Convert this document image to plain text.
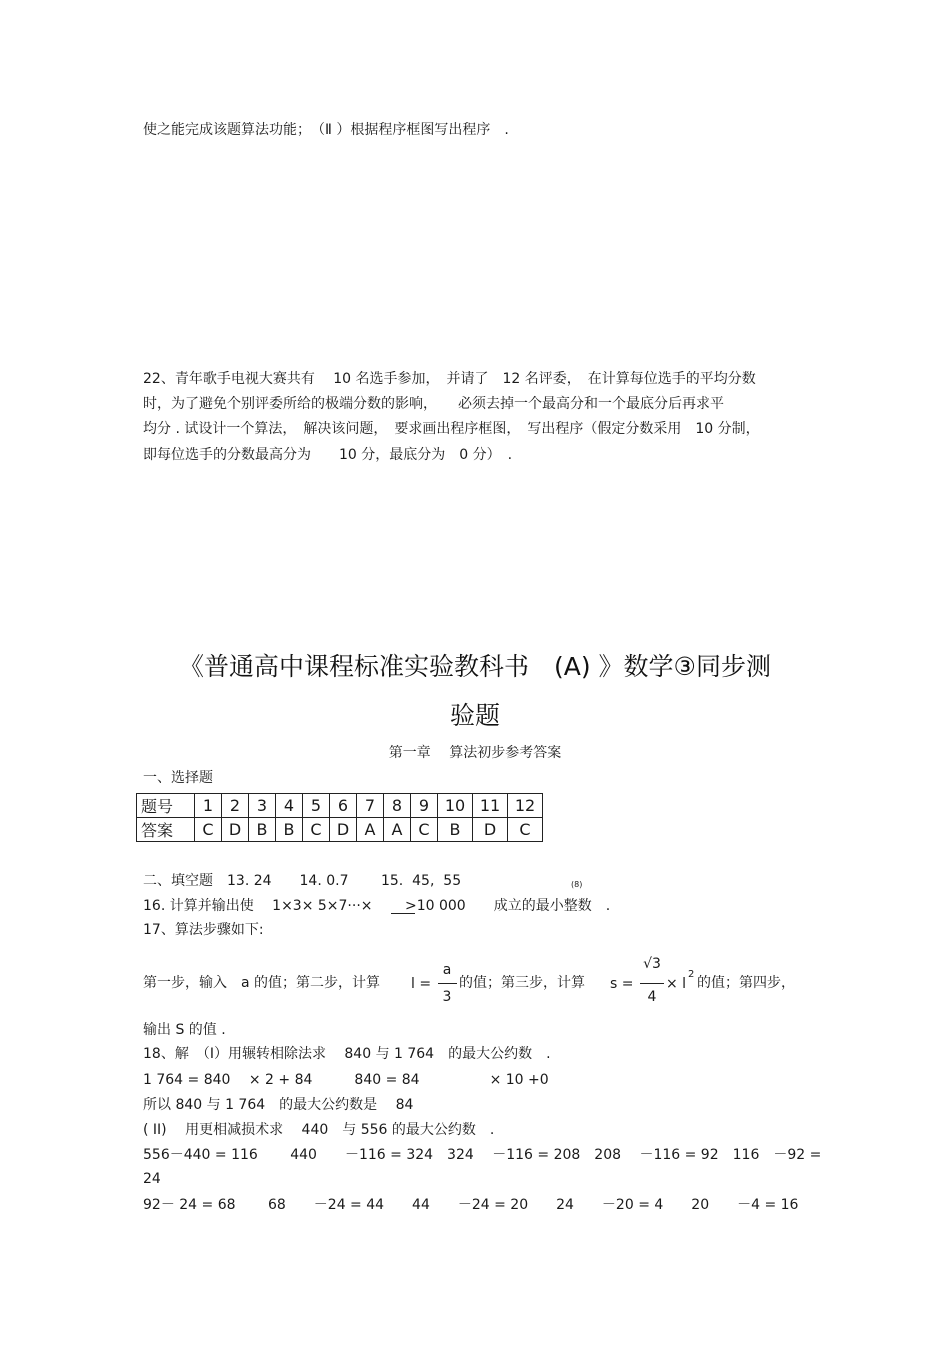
使之能完成该题算法功能；　（Ⅱ ）根据程序框图写出程序　.
22、青年歌手电视大赛共有　 10 名选手参加，　并请了　12 名评委，　在计算每位选手的平均分数
时，为了避免个别评委所给的极端分数的影响，　　必须去掉一个最高分和一个最底分后再求平
均分 . 试设计一个算法，　解决该问题，　要求画出程序框图，　写出程序（假定分数采用　10 分制，
即每位选手的分数最高分为　　10 分，最底分为　0 分）　.
《普通高中课程标准实验教科书　(A) 》数学③同步测
验题
第一章　 算法初步参考答案
一、选择题
题号	1	2	3	4	5	6	7	8	9	10	11	12
答案	C	D	B	B	C	D	A	A	C	B	D	C
二、填空题　13. 24　　14. 0.7　　 15.  45,  55	(8)
16. 计算并输出使　 1×3× 5×7···× >10 000　　成立的最小整数　.
17、算法步骤如下:
第一步，输入　a 的值；第二步，计算 l =
a
3
的值；第三步，计算 s =
√3
4
× l
2
的值；第四步，
输出 S 的值 .
18、解　（Ⅰ）用辗转相除法求　 840 与 1 764　的最大公约数　.
1 764 = 840　 × 2 + 84　　　840 = 84　　　　　× 10 +0
所以 840 与 1 764　的最大公约数是　 84
( II)　 用更相减损术求　 440　与 556 的最大公约数　.
556－440 = 116　　 440　　－116 = 324　324　 －116 = 208　208　 －116 = 92　116　－92 =
24
92－ 24 = 68　　 68　　－24 = 44　　44　　－24 = 20　　24　　－20 = 4　　20　　－4 = 16
